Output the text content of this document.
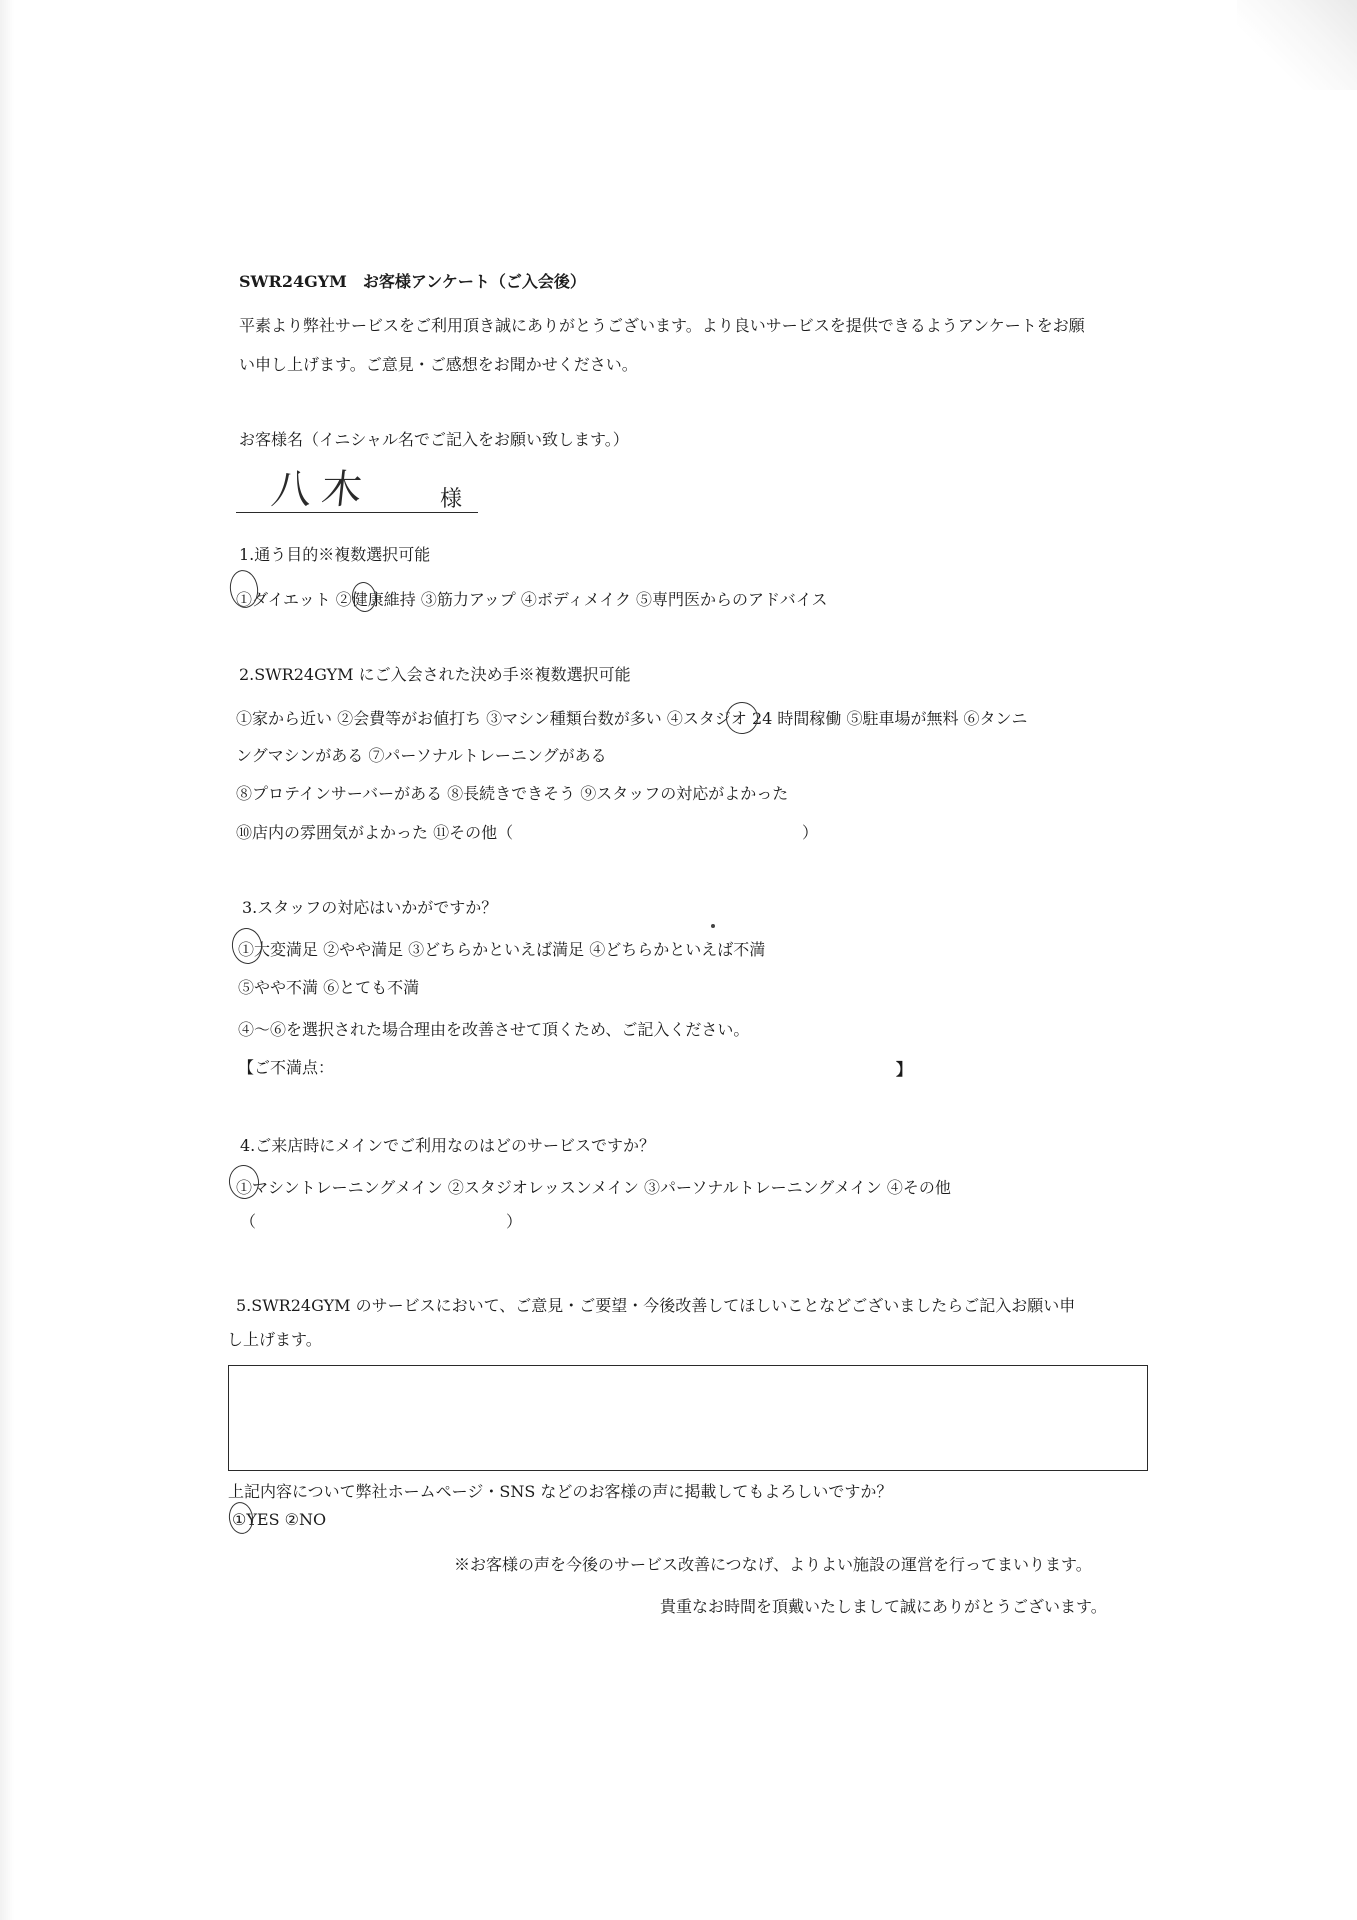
SWR24GYM　お客様アンケート（ご入会後）
平素より弊社サービスをご利用頂き誠にありがとうございます。より良いサービスを提供できるようアンケートをお願
い申し上げます。ご意見・ご感想をお聞かせください。
お客様名（イニシャル名でご記入をお願い致します。）
八木	様
1.通う目的※複数選択可能
①ダイエット ②健康維持 ③筋力アップ ④ボディメイク ⑤専門医からのアドバイス
2.SWR24GYM にご入会された決め手※複数選択可能
①家から近い ②会費等がお値打ち ③マシン種類台数が多い ④スタジオ 24 時間稼働 ⑤駐車場が無料 ⑥タンニ
ングマシンがある ⑦パーソナルトレーニングがある
⑧プロテインサーバーがある ⑧長続きできそう ⑨スタッフの対応がよかった
⑩店内の雰囲気がよかった ⑪その他（	）
3.スタッフの対応はいかがですか？
①大変満足 ②やや満足 ③どちらかといえば満足 ④どちらかといえば不満
⑤やや不満 ⑥とても不満
④～⑥を選択された場合理由を改善させて頂くため、ご記入ください。
【ご不満点：	】
4.ご来店時にメインでご利用なのはどのサービスですか？
①マシントレーニングメイン ②スタジオレッスンメイン ③パーソナルトレーニングメイン ④その他
（	）
5.SWR24GYM のサービスにおいて、ご意見・ご要望・今後改善してほしいことなどございましたらご記入お願い申
し上げます。
上記内容について弊社ホームページ・SNS などのお客様の声に掲載してもよろしいですか？
①YES ②NO
※お客様の声を今後のサービス改善につなげ、よりよい施設の運営を行ってまいります。
貴重なお時間を頂戴いたしまして誠にありがとうございます。
